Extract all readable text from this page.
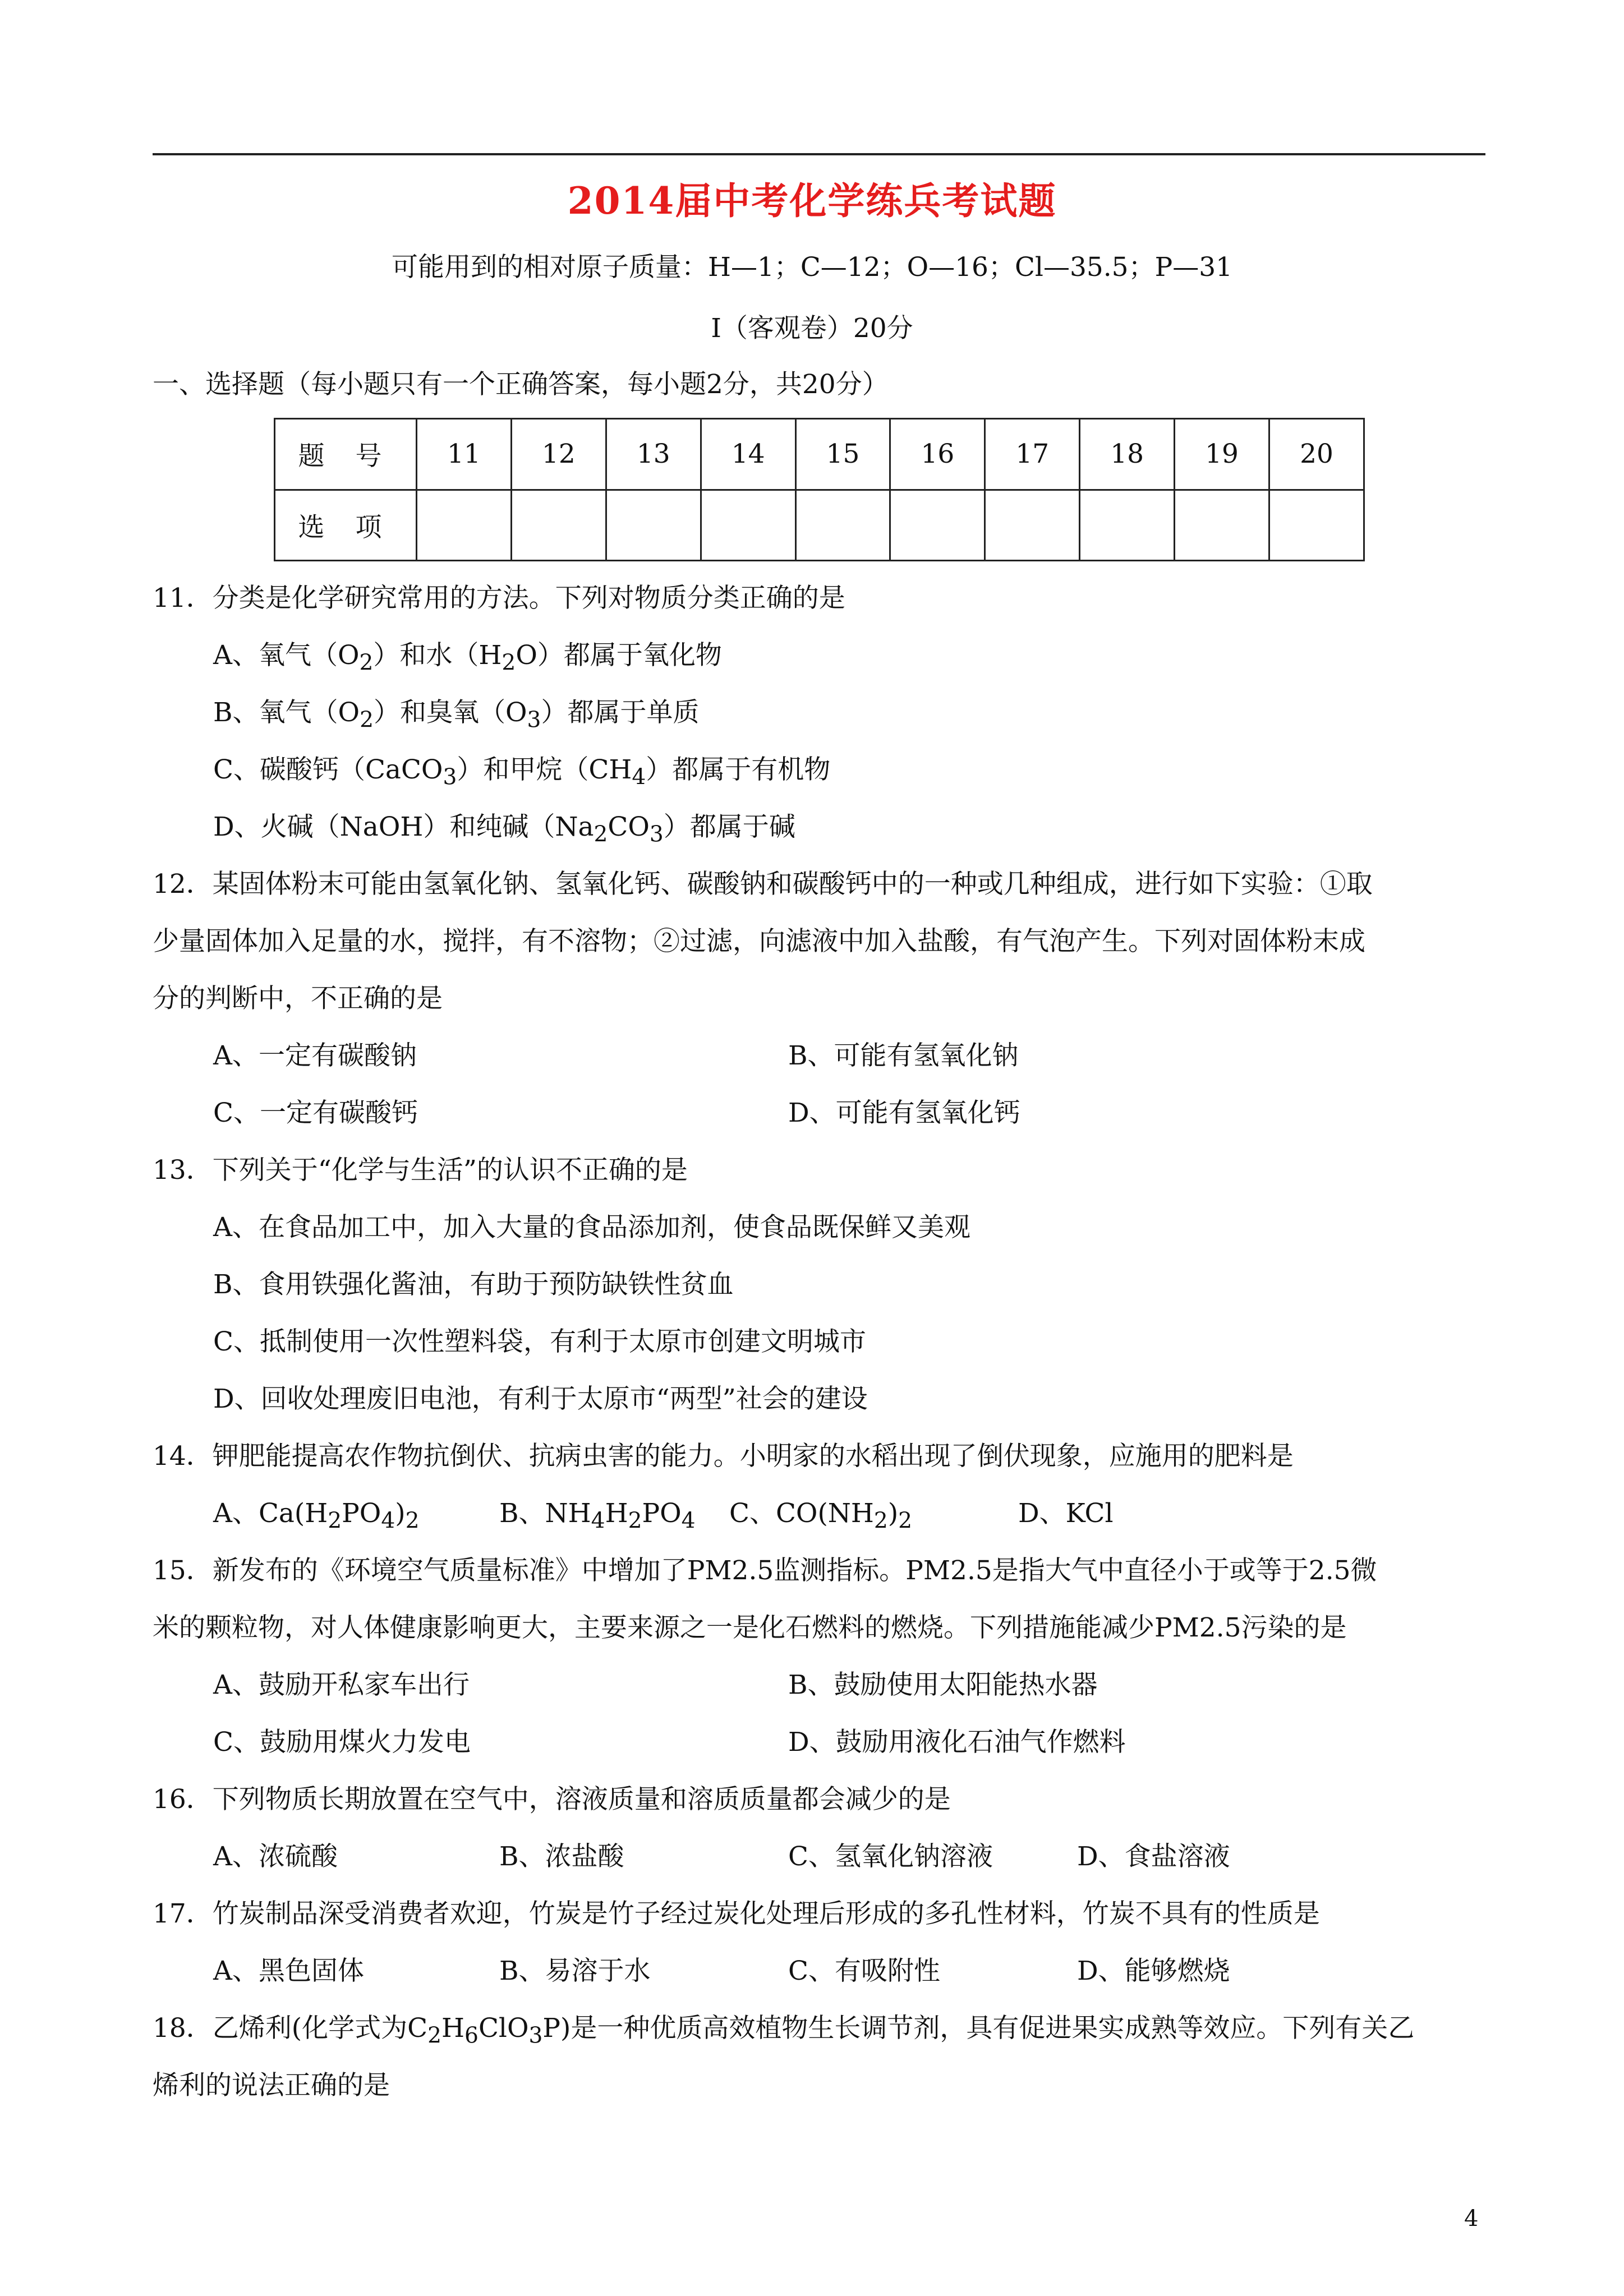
2014届中考化学练兵考试题
可能用到的相对原子质量：H—1；C—12；O—16；Cl—35.5；P—31
Ⅰ（客观卷）20分
一、选择题（每小题只有一个正确答案，每小题2分，共20分）
题 号	11	12	13	14	15	16	17	18	19	20
选 项										
11．分类是化学研究常用的方法。下列对物质分类正确的是
A、氧气$(O_2)$和水$(H_2O)$都属于氧化物
B、氧气$(O_2)$和臭氧$(O_3)$都属于单质
C、碳酸钙（CaCO$_3$）和甲烷$(CH_4)$都属于有机物
D、火碱（NaOH）和纯碱$(Na_2CO_3)$都属于碱
12．某固体粉末可能由氢氧化钠、氢氧化钙、碳酸钠和碳酸钙中的一种或几种组成，进行如下实验：①取
少量固体加入足量的水，搅拌，有不溶物；②过滤，向滤液中加入盐酸，有气泡产生。下列对固体粉末成
分的判断中，不正确的是
A、一定有碳酸钠	B、可能有氢氧化钠
C、一定有碳酸钙	D、可能有氢氧化钙
13．下列关于“化学与生活”的认识不正确的是
A、在食品加工中，加入大量的食品添加剂，使食品既保鲜又美观
B、食用铁强化酱油，有助于预防缺铁性贫血
C、抵制使用一次性塑料袋，有利于太原市创建文明城市
D、回收处理废旧电池，有利于太原市“两型”社会的建设
14．钾肥能提高农作物抗倒伏、抗病虫害的能力。小明家的水稻出现了倒伏现象，应施用的肥料是
A、$Ca(H_2PO_4)_2$	B、$NH_4H_2PO_4$ C、$CO(NH_2)_2$	D、KCl
15．新发布的《环境空气质量标准》中增加了PM2.5监测指标。PM2.5是指大气中直径小于或等于2.5微
米的颗粒物，对人体健康影响更大，主要来源之一是化石燃料的燃烧。下列措施能减少PM2.5污染的是
A、鼓励开私家车出行	B、鼓励使用太阳能热水器
C、鼓励用煤火力发电	D、鼓励用液化石油气作燃料
16．下列物质长期放置在空气中，溶液质量和溶质质量都会减少的是
A、浓硫酸	B、浓盐酸	C、氢氧化钠溶液	D、食盐溶液
17．竹炭制品深受消费者欢迎，竹炭是竹子经过炭化处理后形成的多孔性材料，竹炭不具有的性质是
A、黑色固体	B、易溶于水	C、有吸附性	D、能够燃烧
18．乙烯利(化学式为$C_2H_6ClO_3P$)是一种优质高效植物生长调节剂，具有促进果实成熟等效应。下列有关乙
烯利的说法正确的是
4
